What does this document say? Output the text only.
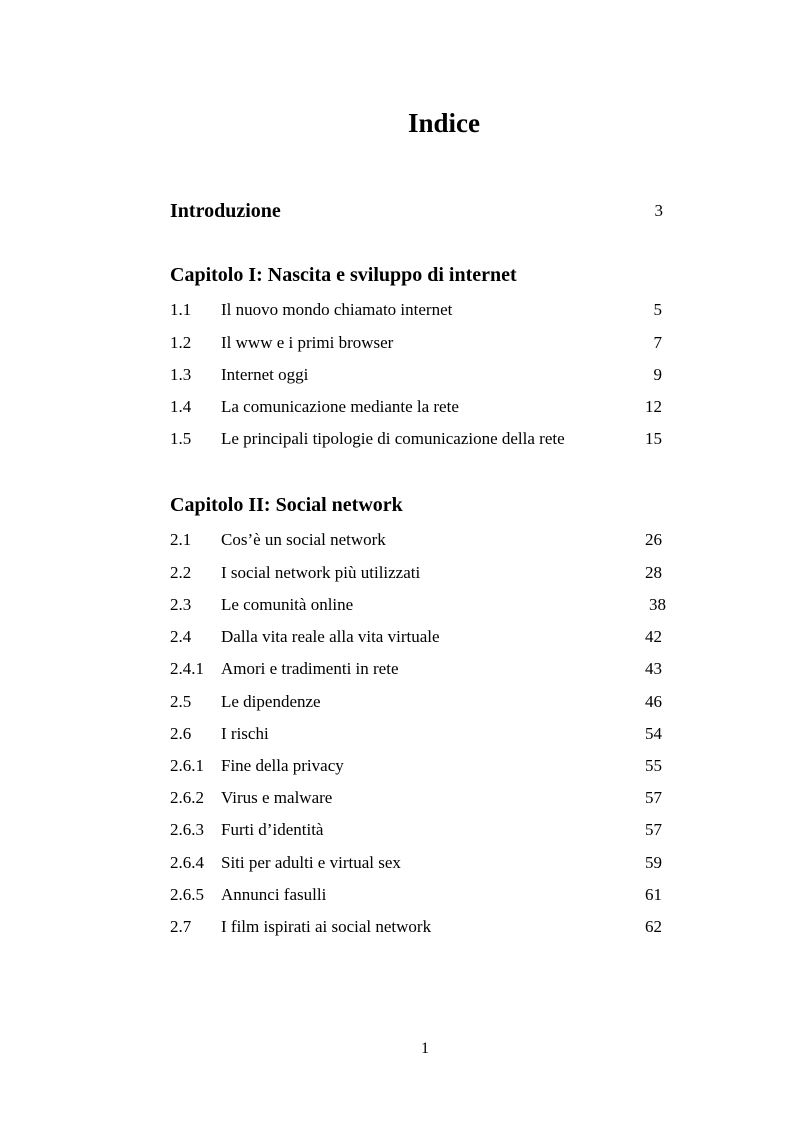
Indice
Introduzione	3
Capitolo I: Nascita e sviluppo di internet
1.1 Il nuovo mondo chiamato internet	5
1.2 Il www e i primi browser	7
1.3 Internet oggi	9
1.4 La comunicazione mediante la rete	12
1.5 Le principali tipologie di comunicazione della rete	15
Capitolo II: Social network
2.1 Cos’è un social network	26
2.2 I social network più utilizzati	28
2.3 Le comunità online	38
2.4 Dalla vita reale alla vita virtuale	42
2.4.1 Amori e tradimenti in rete	43
2.5 Le dipendenze	46
2.6 I rischi	54
2.6.1 Fine della privacy	55
2.6.2 Virus e malware	57
2.6.3 Furti d’identità	57
2.6.4 Siti per adulti e virtual sex	59
2.6.5 Annunci fasulli	61
2.7 I film ispirati ai social network	62
1
